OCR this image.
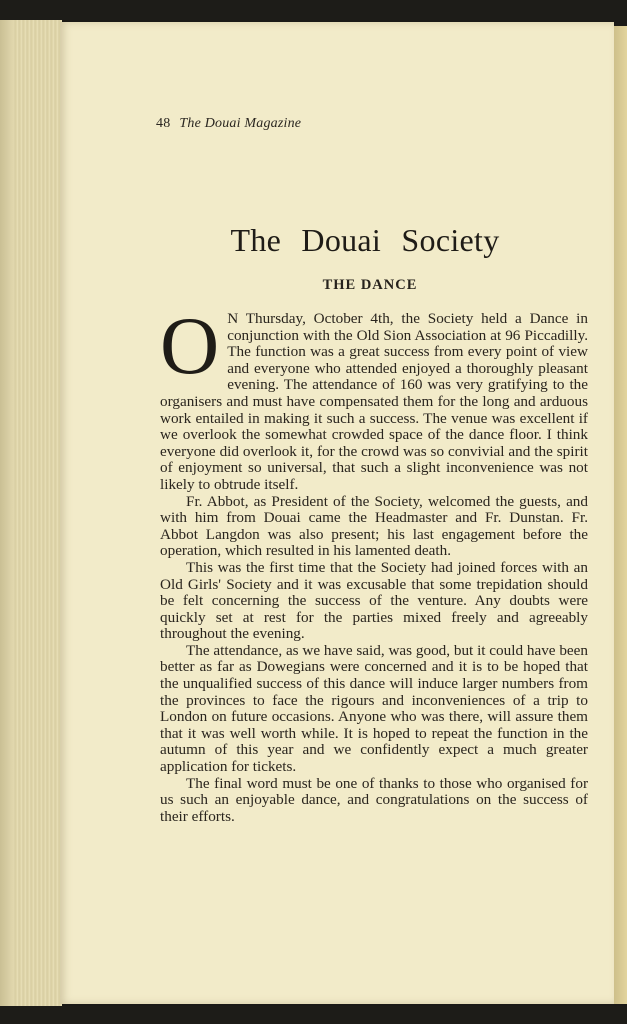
48 The Douai Magazine
The Douai Society
THE DANCE

O N Thursday, October 4th, the Society held a Dance in conjunction with the Old Sion Association at 96 Piccadilly. The function was a great success from every point of view and everyone who attended enjoyed a thoroughly pleasant evening. The attendance of 160 was very gratifying to the organisers and must have compensated them for the long and arduous work entailed in making it such a success. The venue was excellent if we overlook the somewhat crowded space of the dance floor. I think everyone did overlook it, for the crowd was so convivial and the spirit of enjoyment so universal, that such a slight inconvenience was not likely to obtrude itself.

Fr. Abbot, as President of the Society, welcomed the guests, and with him from Douai came the Headmaster and Fr. Dunstan. Fr. Abbot Langdon was also present; his last engagement before the operation, which resulted in his lamented death.

This was the first time that the Society had joined forces with an Old Girls' Society and it was excusable that some trepidation should be felt concerning the success of the venture. Any doubts were quickly set at rest for the parties mixed freely and agreeably throughout the evening.

The attendance, as we have said, was good, but it could have been better as far as Dowegians were concerned and it is to be hoped that the unqualified success of this dance will induce larger numbers from the provinces to face the rigours and inconveniences of a trip to London on future occasions. Anyone who was there, will assure them that it was well worth while. It is hoped to repeat the function in the autumn of this year and we confidently expect a much greater application for tickets.

The final word must be one of thanks to those who organised for us such an enjoyable dance, and congratulations on the success of their efforts.
